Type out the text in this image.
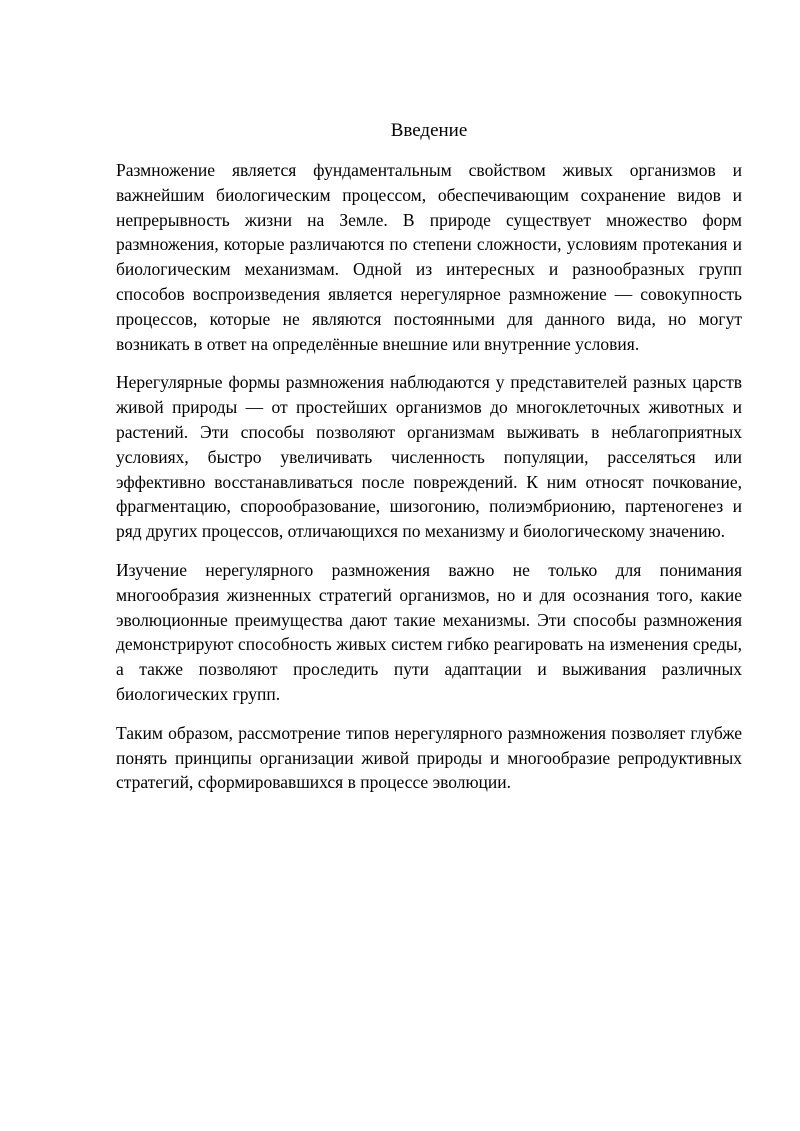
Введение

Размножение является фундаментальным свойством живых организмов и важнейшим биологическим процессом, обеспечивающим сохранение видов и непрерывность жизни на Земле. В природе существует множество форм размножения, которые различаются по степени сложности, условиям протекания и биологическим механизмам. Одной из интересных и разнообразных групп способов воспроизведения является нерегулярное размножение — совокупность процессов, которые не являются постоянными для данного вида, но могут возникать в ответ на определённые внешние или внутренние условия.

Нерегулярные формы размножения наблюдаются у представителей разных царств живой природы — от простейших организмов до многоклеточных животных и растений. Эти способы позволяют организмам выживать в неблагоприятных условиях, быстро увеличивать численность популяции, расселяться или эффективно восстанавливаться после повреждений. К ним относят почкование, фрагментацию, спорообразование, шизогонию, полиэмбрионию, партеногенез и ряд других процессов, отличающихся по механизму и биологическому значению.

Изучение нерегулярного размножения важно не только для понимания многообразия жизненных стратегий организмов, но и для осознания того, какие эволюционные преимущества дают такие механизмы. Эти способы размножения демонстрируют способность живых систем гибко реагировать на изменения среды, а также позволяют проследить пути адаптации и выживания различных биологических групп.

Таким образом, рассмотрение типов нерегулярного размножения позволяет глубже понять принципы организации живой природы и многообразие репродуктивных стратегий, сформировавшихся в процессе эволюции.
